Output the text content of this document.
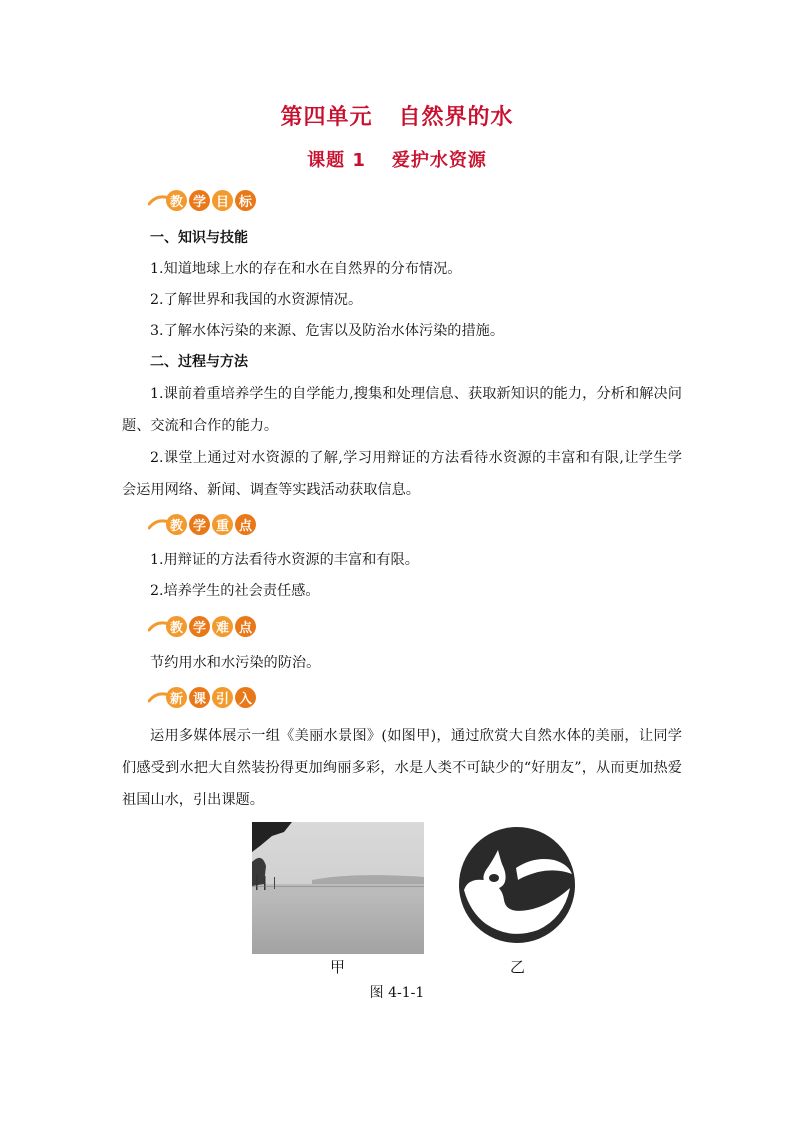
第四单元 自然界的水
课题 1 爱护水资源
教 学 目 标
一、知识与技能
1.知道地球上水的存在和水在自然界的分布情况。
2.了解世界和我国的水资源情况。
3.了解水体污染的来源、危害以及防治水体污染的措施。
二、过程与方法
1.课前着重培养学生的自学能力,搜集和处理信息、获取新知识的能力，分析和解决问题、交流和合作的能力。
2.课堂上通过对水资源的了解,学习用辩证的方法看待水资源的丰富和有限,让学生学会运用网络、新闻、调查等实践活动获取信息。
教 学 重 点
1.用辩证的方法看待水资源的丰富和有限。
2.培养学生的社会责任感。
教 学 难 点
节约用水和水污染的防治。
新 课 引 入
运用多媒体展示一组《美丽水景图》(如图甲)，通过欣赏大自然水体的美丽，让同学们感受到水把大自然装扮得更加绚丽多彩，水是人类不可缺少的“好朋友”，从而更加热爱祖国山水，引出课题。
甲	乙
图 4-1-1
